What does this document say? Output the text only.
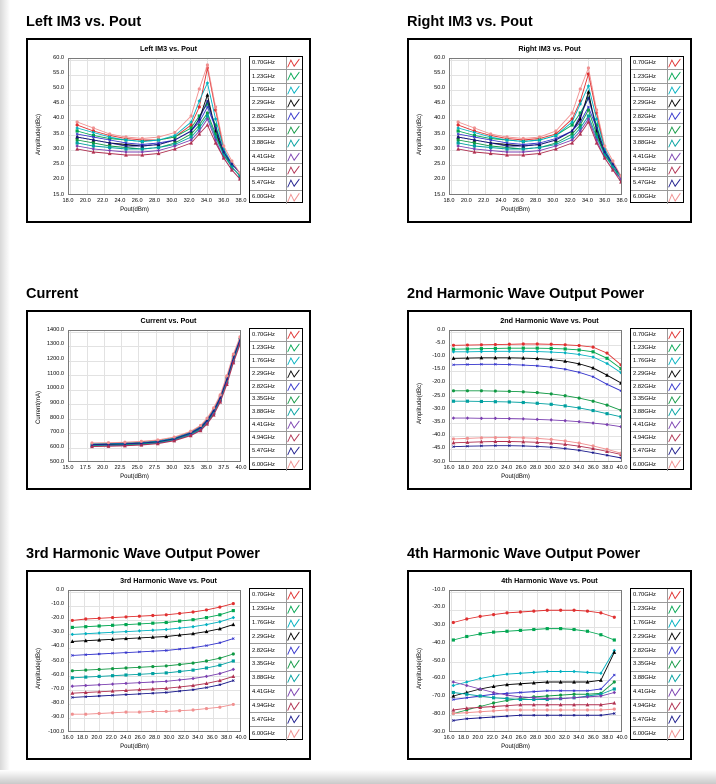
Left IM3 vs. Pout
Left IM3 vs. Pout
60.0
55.0
50.0
45.0
40.0
35.0
30.0
25.0
20.0
15.0
18.0 20.0 22.0 24.0 26.0 28.0 30.0 32.0 34.0 36.0 38.0
Pout(dBm)
Amplitude(dBc)
0.70GHz
1.23GHz
1.76GHz
2.29GHz
2.82GHz
3.35GHz
3.88GHz
4.41GHz
4.94GHz
5.47GHz
6.00GHz
Right IM3 vs. Pout
Right IM3 vs. Pout
60.0
55.0
50.0
45.0
40.0
35.0
30.0
25.0
20.0
15.0
18.0 20.0 22.0 24.0 26.0 28.0 30.0 32.0 34.0 36.0 38.0
Pout(dBm)
Amplitude(dBc)
0.70GHz
1.23GHz
1.76GHz
2.29GHz
2.82GHz
3.35GHz
3.88GHz
4.41GHz
4.94GHz
5.47GHz
6.00GHz
Current
Current vs. Pout
1400.0
1300.0
1200.0
1100.0
1000.0
900.0
800.0
700.0
600.0
500.0
15.0 17.5 20.0 22.5 25.0 27.5 30.0 32.5 35.0 37.5 40.0
Pout(dBm)
Current(mA)
0.70GHz
1.23GHz
1.76GHz
2.29GHz
2.82GHz
3.35GHz
3.88GHz
4.41GHz
4.94GHz
5.47GHz
6.00GHz
2nd Harmonic Wave Output Power
2nd Harmonic Wave vs. Pout
0.0
-5.0
-10.0
-15.0
-20.0
-25.0
-30.0
-35.0
-40.0
-45.0
-50.0
16.0 18.0 20.0 22.0 24.0 26.0 28.0 30.0 32.0 34.0 36.0 38.0 40.0
Pout(dBm)
Amplitude(dBc)
0.70GHz
1.23GHz
1.76GHz
2.29GHz
2.82GHz
3.35GHz
3.88GHz
4.41GHz
4.94GHz
5.47GHz
6.00GHz
3rd Harmonic Wave Output Power
3rd Harmonic Wave vs. Pout
0.0
-10.0
-20.0
-30.0
-40.0
-50.0
-60.0
-70.0
-80.0
-90.0
-100.0
16.0 18.0 20.0 22.0 24.0 26.0 28.0 30.0 32.0 34.0 36.0 38.0 40.0
Pout(dBm)
Amplitude(dBc)
0.70GHz
1.23GHz
1.76GHz
2.29GHz
2.82GHz
3.35GHz
3.88GHz
4.41GHz
4.94GHz
5.47GHz
6.00GHz
4th Harmonic Wave Output Power
4th Harmonic Wave vs. Pout
-10.0
-20.0
-30.0
-40.0
-50.0
-60.0
-70.0
-80.0
-90.0
16.0 18.0 20.0 22.0 24.0 26.0 28.0 30.0 32.0 34.0 36.0 38.0 40.0
Pout(dBm)
Amplitude(dBc)
0.70GHz
1.23GHz
1.76GHz
2.29GHz
2.82GHz
3.35GHz
3.88GHz
4.41GHz
4.94GHz
5.47GHz
6.00GHz
